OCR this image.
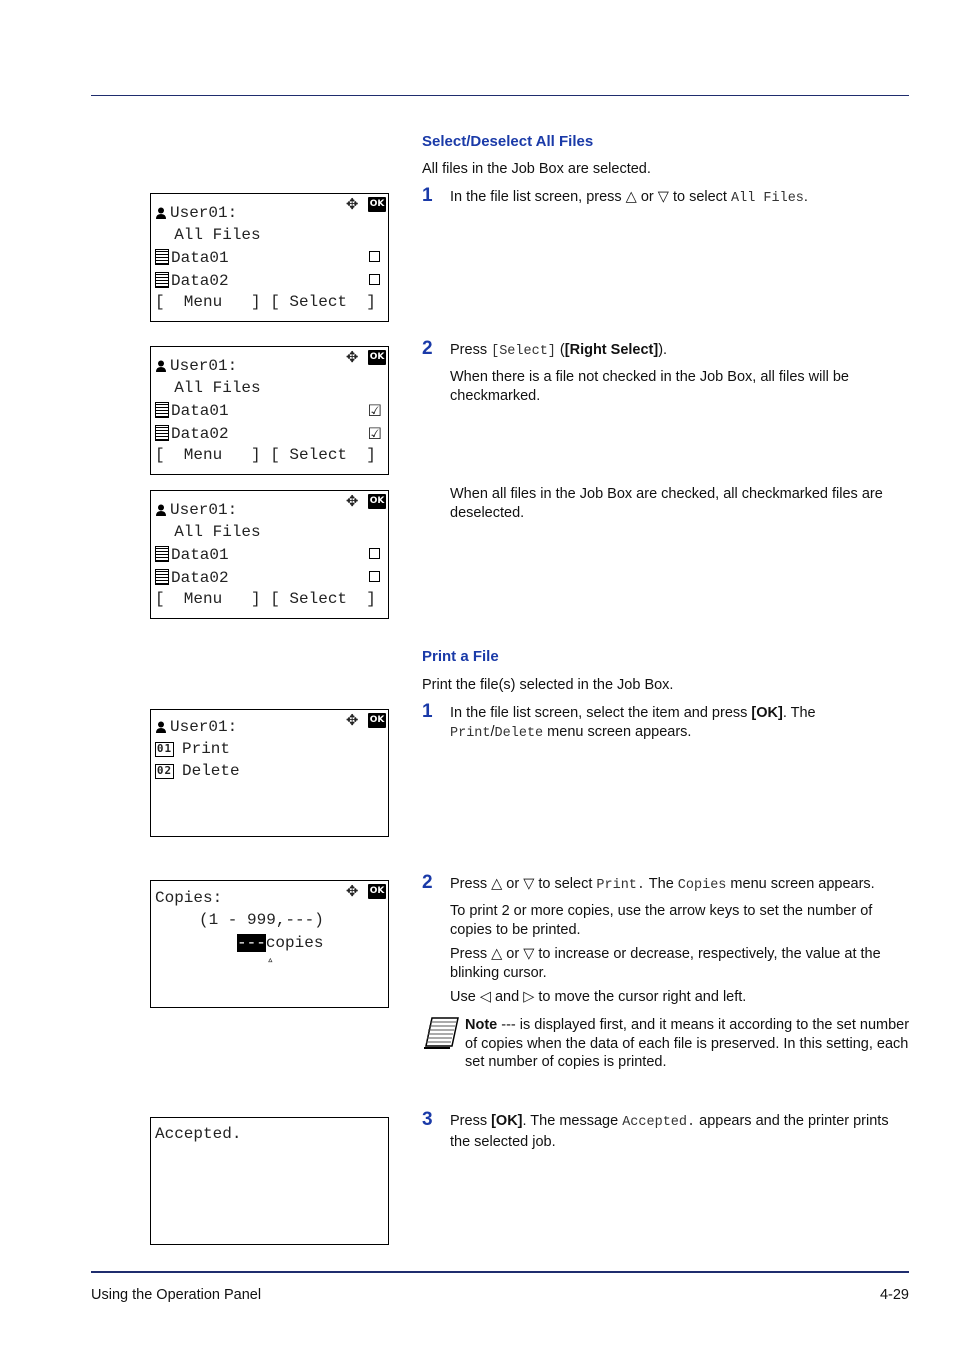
Select/Deselect All Files
All files in the Job Box are selected.
1 In the file list screen, press △ or ▽ to select All Files.
2 Press [Select] ([Right Select]).
When there is a file not checked in the Job Box, all files will be checkmarked.
When all files in the Job Box are checked, all checkmarked files are deselected.
User01:	✥ OK
All Files
Data01
Data02
[  Menu   ] [ Select  ]
User01:	✥ OK
All Files
Data01	☑
Data02	☑
[  Menu   ] [ Select  ]
User01:	✥ OK
All Files
Data01
Data02
[  Menu   ] [ Select  ]
Print a File
Print the file(s) selected in the Job Box.
1 In the file list screen, select the item and press [OK]. The Print/Delete menu screen appears.
User01:	✥ OK
01 Print
02 Delete
2 Press △ or ▽ to select Print. The Copies menu screen appears.
To print 2 or more copies, use the arrow keys to set the number of copies to be printed.
Press △ or ▽ to increase or decrease, respectively, the value at the blinking cursor.
Use ◁ and ▷ to move the cursor right and left.
Copies:	✥ OK
(1 - 999,---)
---copies
▵
Note --- is displayed first, and it means it according to the set number of copies when the data of each file is preserved. In this setting, each set number of copies is printed.
3 Press [OK]. The message Accepted. appears and the printer prints the selected job.
Accepted.
Using the Operation Panel	4-29
